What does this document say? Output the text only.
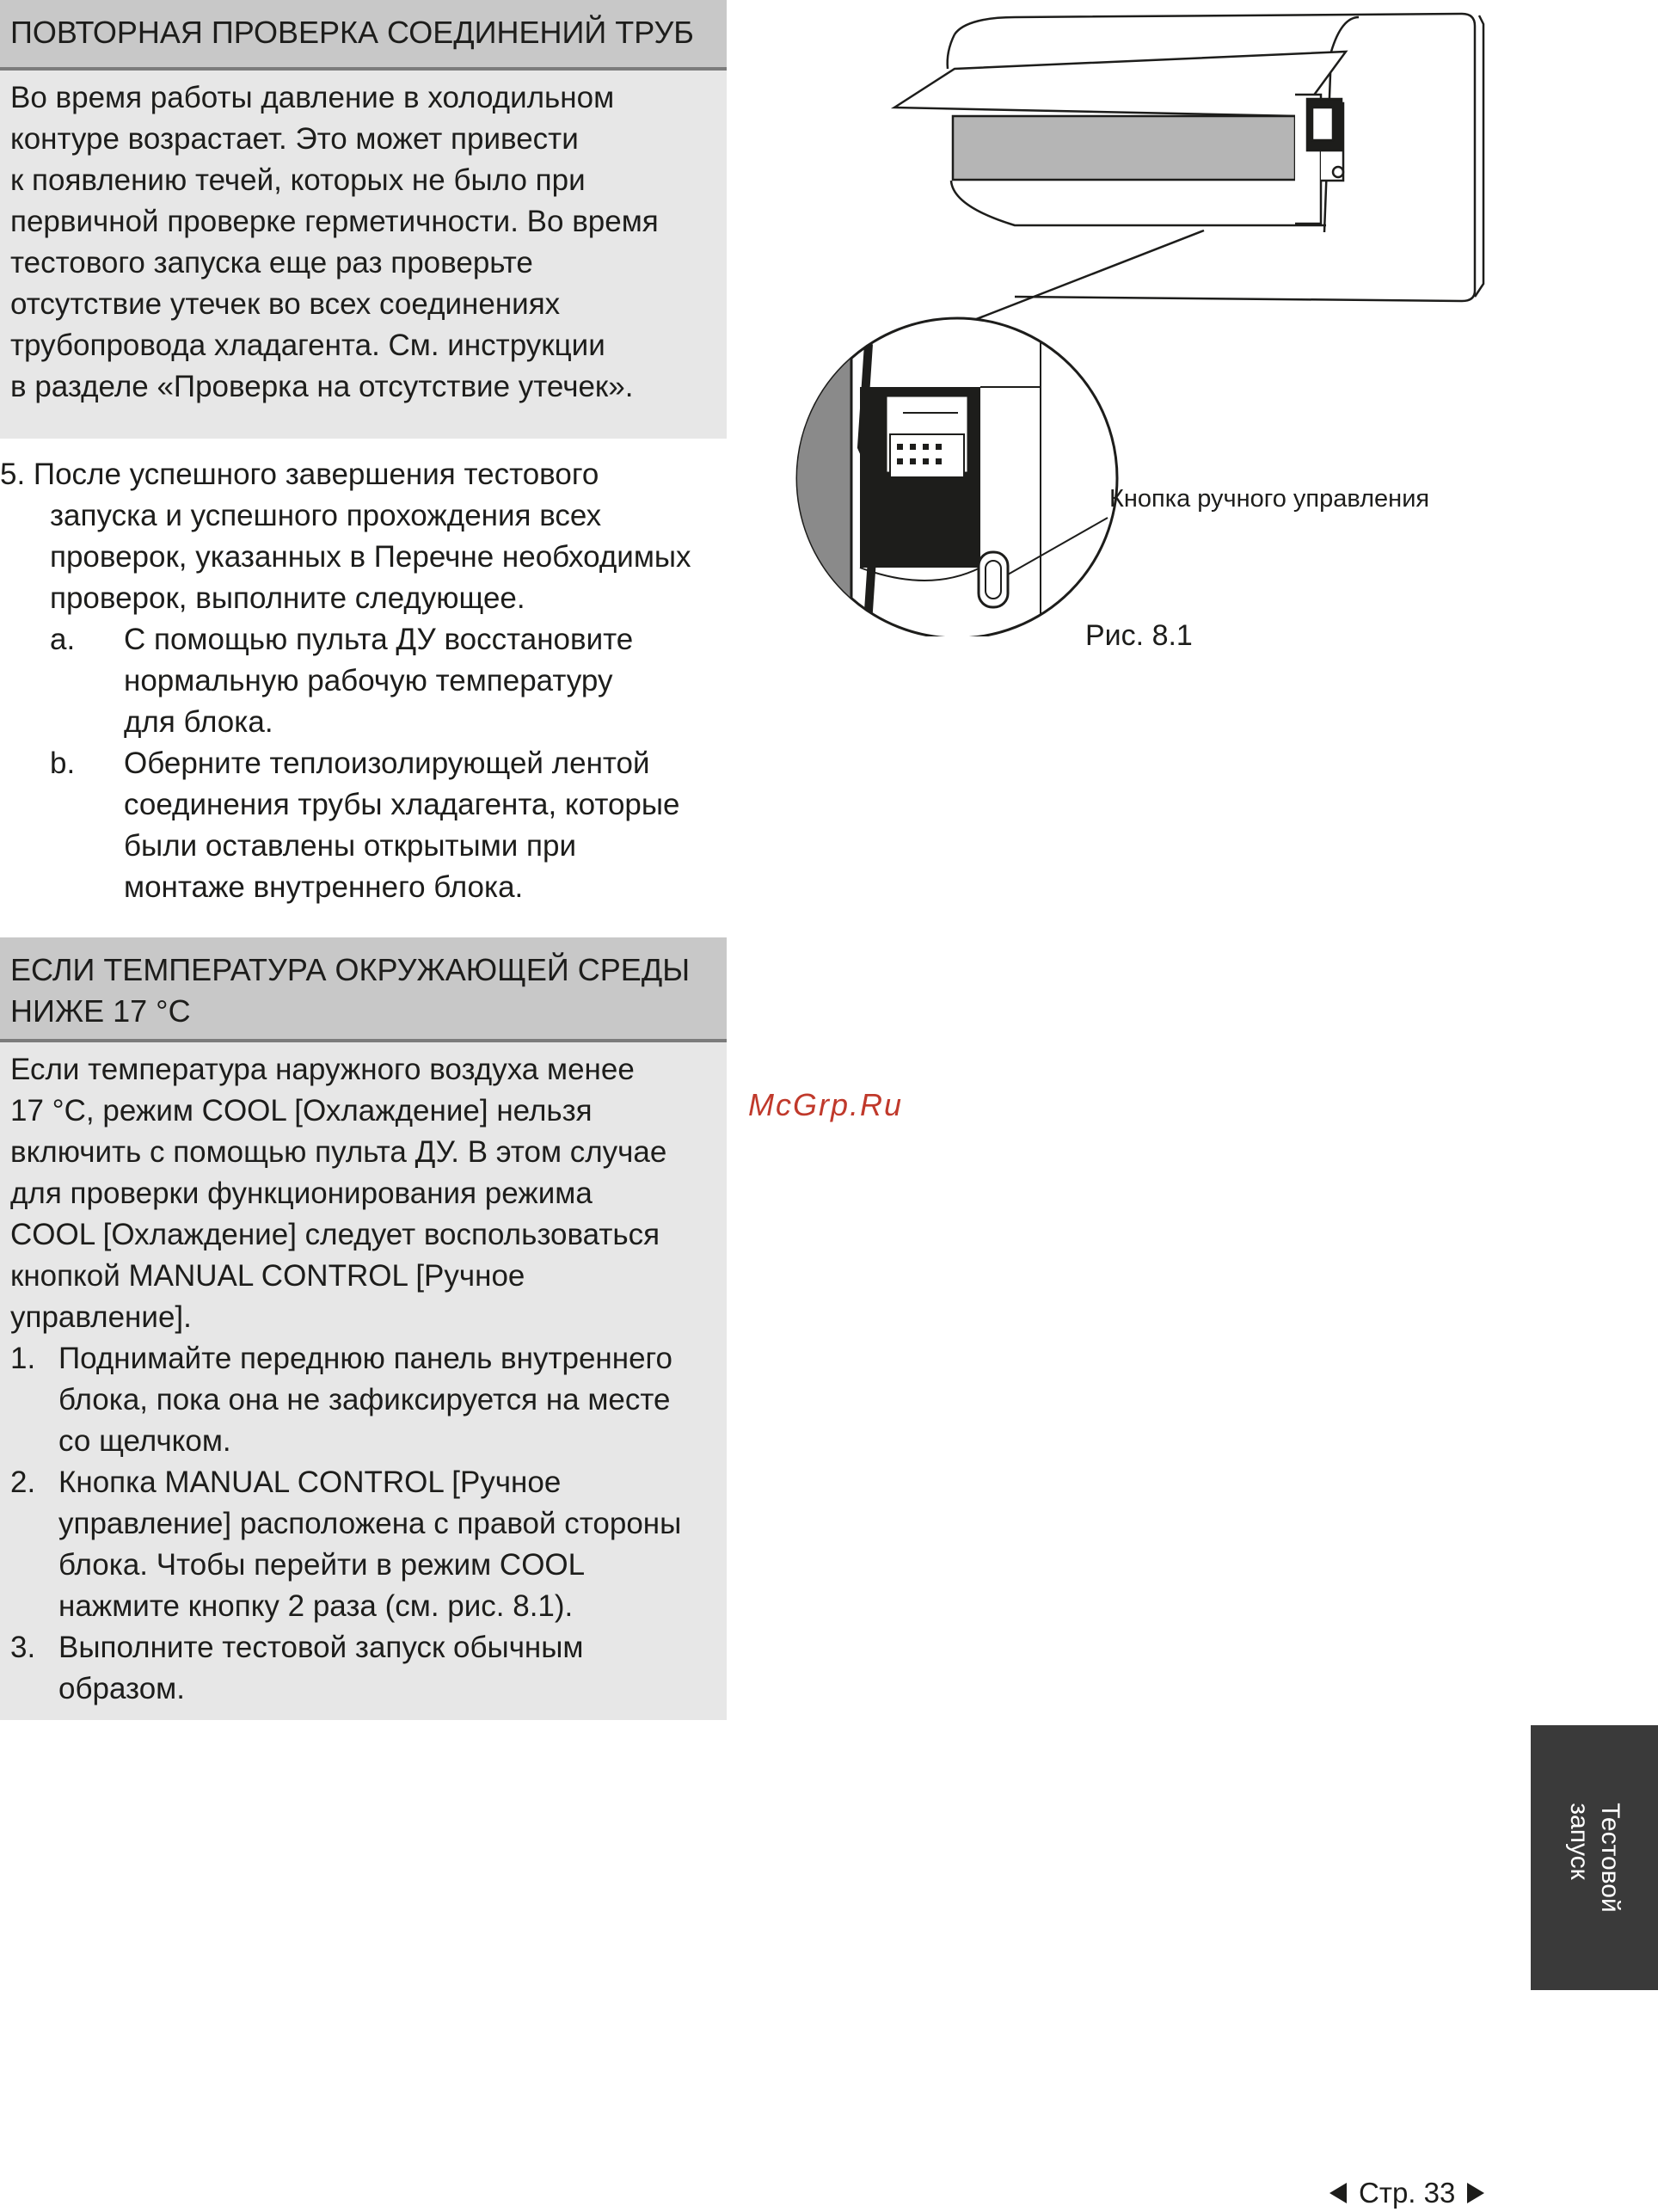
ПОВТОРНАЯ ПРОВЕРКА СОЕДИНЕНИЙ ТРУБ
Во время работы давление в холодильном
контуре возрастает. Это может привести
к появлению течей, которых не было при
первичной проверке герметичности. Во время
тестового запуска еще раз проверьте
отсутствие утечек во всех соединениях
трубопровода хладагента. См. инструкции
в разделе «Проверка на отсутствие утечек».
5. После успешного завершения тестового
запуска и успешного прохождения всех
проверок, указанных в Перечне необходимых
проверок, выполните следующее.
a. С помощью пульта ДУ восстановите
нормальную рабочую температуру
для блока.
b. Оберните теплоизолирующей лентой
соединения трубы хладагента, которые
были оставлены открытыми при
монтаже внутреннего блока.
ЕСЛИ ТЕМПЕРАТУРА ОКРУЖАЮЩЕЙ СРЕДЫ
НИЖЕ 17 °C
Если температура наружного воздуха менее
17 °C, режим COOL [Охлаждение] нельзя
включить с помощью пульта ДУ. В этом случае
для проверки функционирования режима
COOL [Охлаждение] следует воспользоваться
кнопкой MANUAL CONTROL [Ручное
управление].
1. Поднимайте переднюю панель внутреннего
блока, пока она не зафиксируется на месте
со щелчком.
2. Кнопка MANUAL CONTROL [Ручное
управление] расположена с правой стороны
блока. Чтобы перейти в режим COOL
нажмите кнопку 2 раза (см. рис. 8.1).
3. Выполните тестовой запуск обычным
образом.
Кнопка ручного управления
Рис. 8.1
McGrp.Ru
Тестовой
запуск
Стр. 33
